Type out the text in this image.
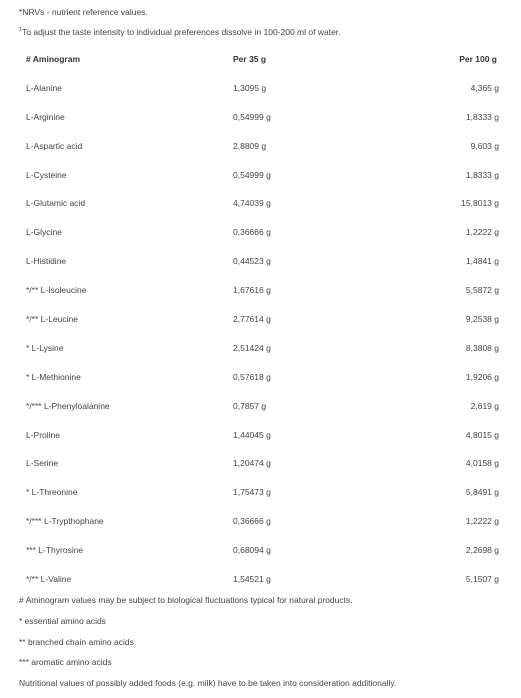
*NRVs - nutrient reference values.
$^1$To adjust the taste intensity to individual preferences dissolve in 100-200 ml of water.
# Aminogram	Per 35 g	Per 100 g
L-Alanine	1,3095 g	4,365 g
L-Arginine	0,54999 g	1,8333 g
L-Aspartic acid	2,8809 g	9,603 g
L-Cysteine	0,54999 g	1,8333 g
L-Glutamic acid	4,74039 g	15,8013 g
L-Glycine	0,36666 g	1,2222 g
L-Histidine	0,44523 g	1,4841 g
*/** L-Isoleucine	1,67616 g	5,5872 g
*/** L-Leucine	2,77614 g	9,2538 g
* L-Lysine	2,51424 g	8,3808 g
* L-Methionine	0,57618 g	1,9206 g
*/*** L-Phenyloalanine	0,7857 g	2,619 g
L-Proline	1,44045 g	4,8015 g
L-Serine	1,20474 g	4,0158 g
* L-Threonine	1,75473 g	5,8491 g
*/*** L-Trypthophane	0,36666 g	1,2222 g
*** L-Thyrosine	0,68094 g	2,2698 g
*/** L-Valine	1,54521 g	5,1507 g
# Aminogram values may be subject to biological fluctuations typical for natural products.
* essential amino acids
** branched chain amino acids
*** aromatic amino acids
Nutritional values of possibly added foods (e.g. milk) have to be taken into consideration additionally.
